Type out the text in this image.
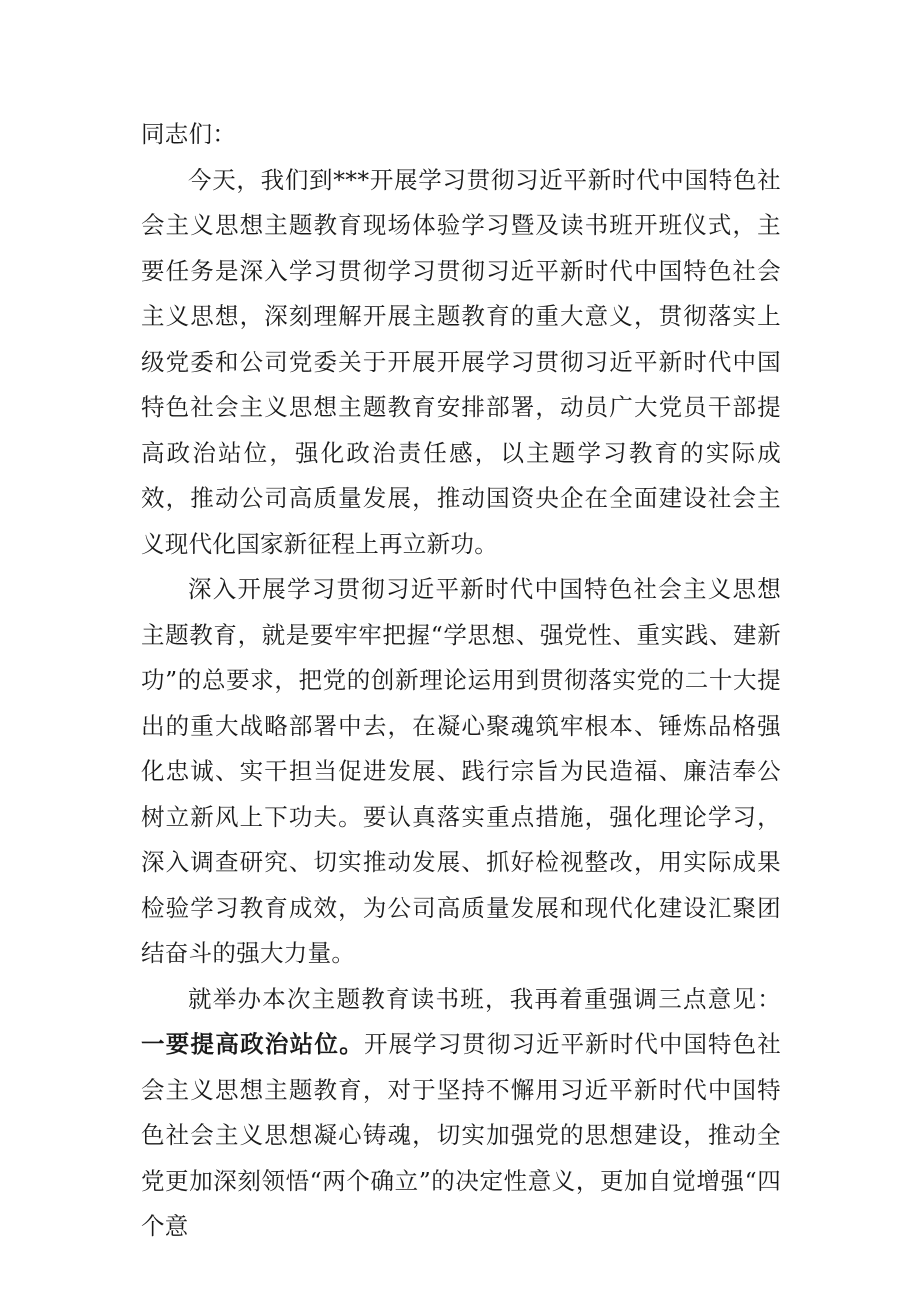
同志们：

今天，我们到***开展学习贯彻习近平新时代中国特色社会主义思想主题教育现场体验学习暨及读书班开班仪式，主要任务是深入学习贯彻学习贯彻习近平新时代中国特色社会主义思想，深刻理解开展主题教育的重大意义，贯彻落实上级党委和公司党委关于开展开展学习贯彻习近平新时代中国特色社会主义思想主题教育安排部署，动员广大党员干部提高政治站位，强化政治责任感，以主题学习教育的实际成效，推动公司高质量发展，推动国资央企在全面建设社会主义现代化国家新征程上再立新功。

深入开展学习贯彻习近平新时代中国特色社会主义思想主题教育，就是要牢牢把握“学思想、强党性、重实践、建新功”的总要求，把党的创新理论运用到贯彻落实党的二十大提出的重大战略部署中去，在凝心聚魂筑牢根本、锤炼品格强化忠诚、实干担当促进发展、践行宗旨为民造福、廉洁奉公树立新风上下功夫。要认真落实重点措施，强化理论学习，深入调查研究、切实推动发展、抓好检视整改，用实际成果检验学习教育成效，为公司高质量发展和现代化建设汇聚团结奋斗的强大力量。

就举办本次主题教育读书班，我再着重强调三点意见：一要提高政治站位。开展学习贯彻习近平新时代中国特色社会主义思想主题教育，对于坚持不懈用习近平新时代中国特色社会主义思想凝心铸魂，切实加强党的思想建设，推动全党更加深刻领悟“两个确立”的决定性意义，更加自觉增强“四个意
